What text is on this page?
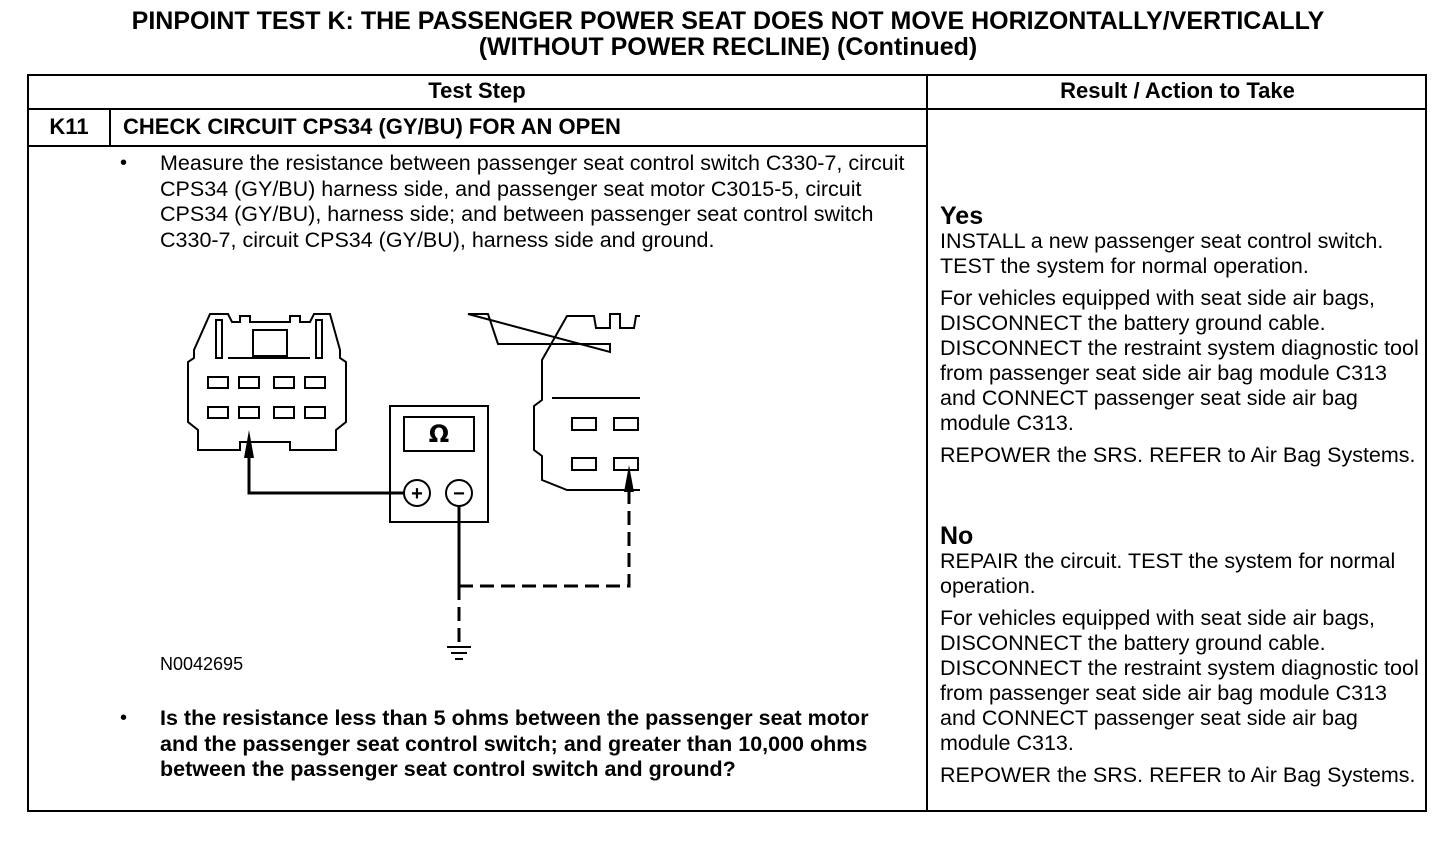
PINPOINT TEST K: THE PASSENGER POWER SEAT DOES NOT MOVE HORIZONTALLY/VERTICALLY
(WITHOUT POWER RECLINE) (Continued)
Test Step	Result / Action to Take
K11	CHECK CIRCUIT CPS34 (GY/BU) FOR AN OPEN
• Measure the resistance between passenger seat control switch C330-7, circuit CPS34 (GY/BU) harness side, and passenger seat motor C3015-5, circuit CPS34 (GY/BU), harness side; and between passenger seat control switch C330-7, circuit CPS34 (GY/BU), harness side and ground.
Ω
+ −
N0042695
• Is the resistance less than 5 ohms between the passenger seat motor and the passenger seat control switch; and greater than 10,000 ohms between the passenger seat control switch and ground?
Yes

INSTALL a new passenger seat control switch. TEST the system for normal operation.

For vehicles equipped with seat side air bags, DISCONNECT the battery ground cable. DISCONNECT the restraint system diagnostic tool from passenger seat side air bag module C313 and CONNECT passenger seat side air bag module C313.

REPOWER the SRS. REFER to Air Bag Systems.

No

REPAIR the circuit. TEST the system for normal operation.

For vehicles equipped with seat side air bags, DISCONNECT the battery ground cable. DISCONNECT the restraint system diagnostic tool from passenger seat side air bag module C313 and CONNECT passenger seat side air bag module C313.

REPOWER the SRS. REFER to Air Bag Systems.
